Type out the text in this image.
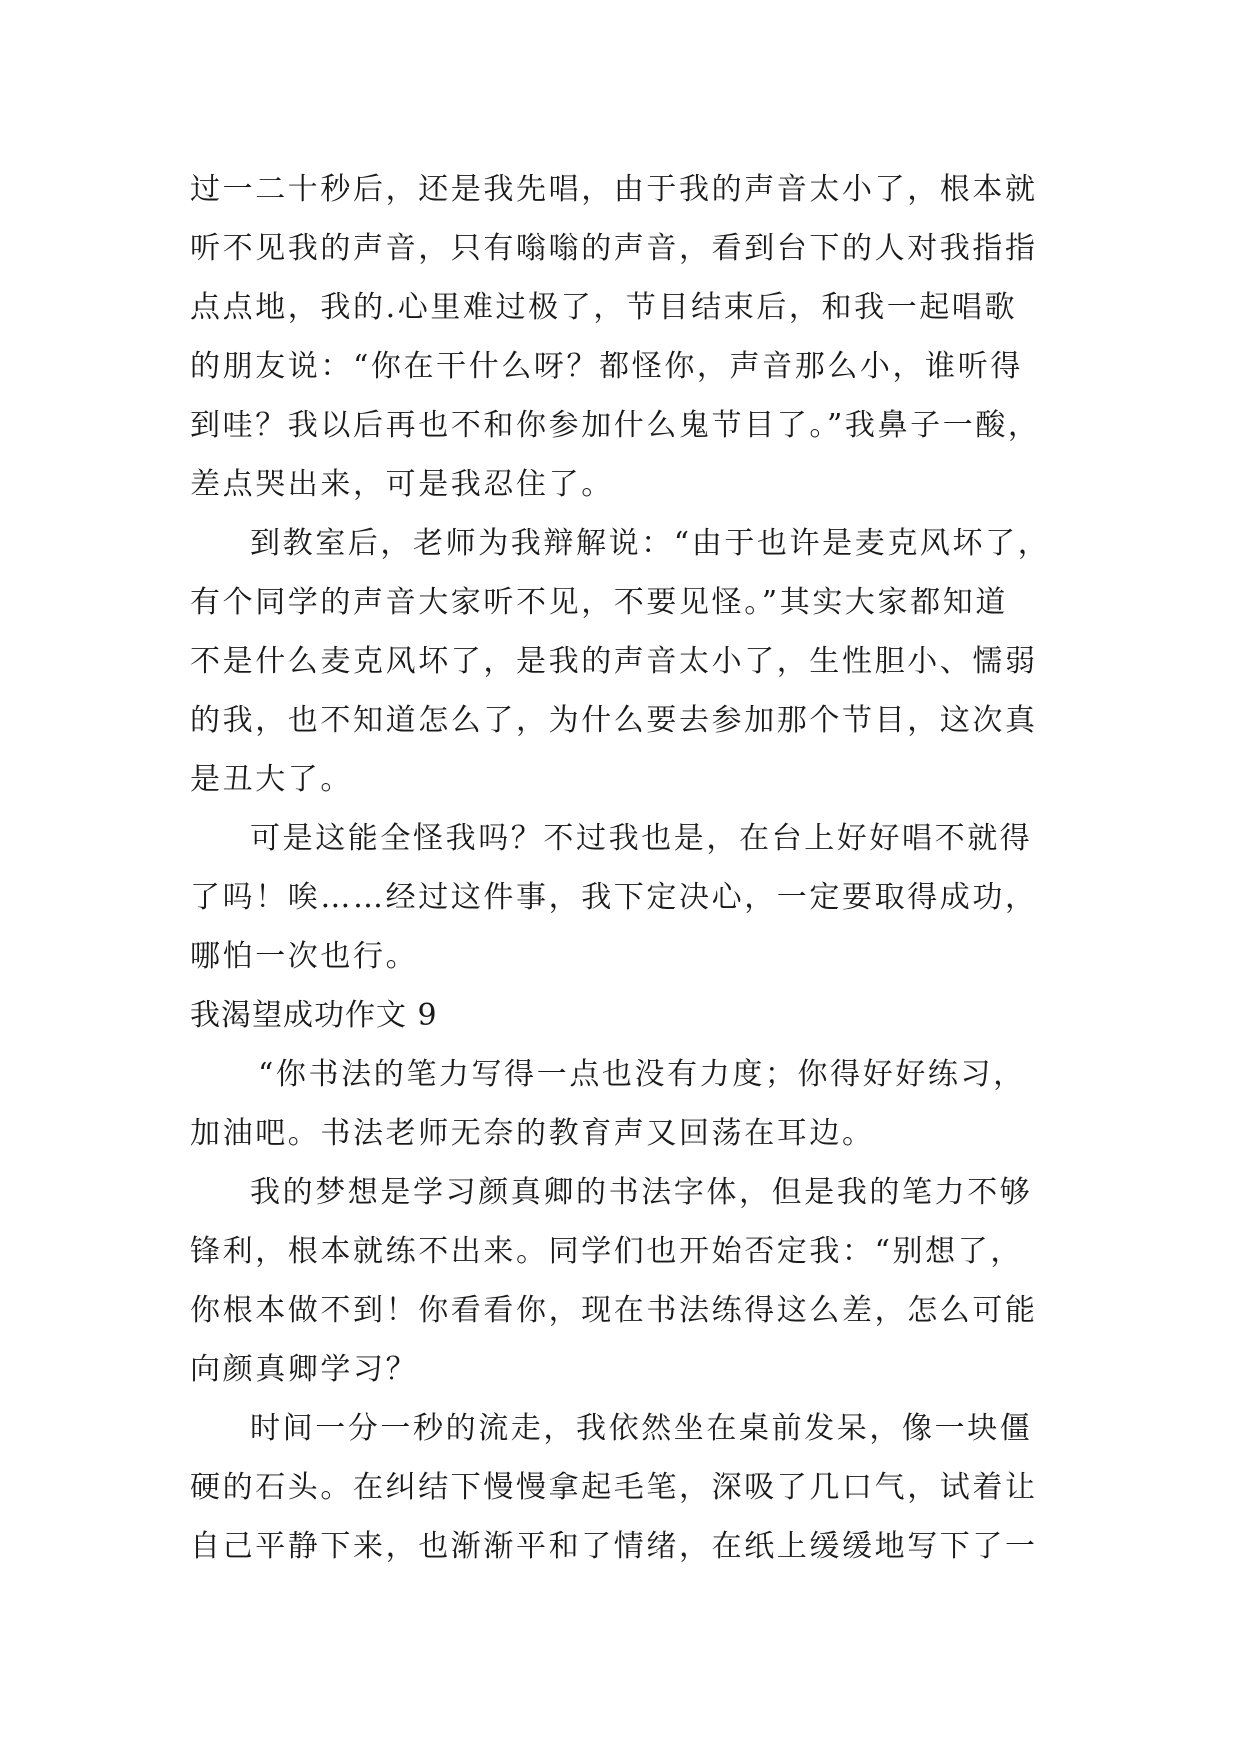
过一二十秒后，还是我先唱，由于我的声音太小了，根本就
听不见我的声音，只有嗡嗡的声音，看到台下的人对我指指
点点地，我的.心里难过极了，节目结束后，和我一起唱歌
的朋友说：“你在干什么呀？都怪你，声音那么小，谁听得
到哇？我以后再也不和你参加什么鬼节目了。”我鼻子一酸，
差点哭出来，可是我忍住了。
到教室后，老师为我辩解说：“由于也许是麦克风坏了，
有个同学的声音大家听不见，不要见怪。”其实大家都知道
不是什么麦克风坏了，是我的声音太小了，生性胆小、懦弱
的我，也不知道怎么了，为什么要去参加那个节目，这次真
是丑大了。
可是这能全怪我吗？不过我也是，在台上好好唱不就得
了吗！唉……经过这件事，我下定决心，一定要取得成功，
哪怕一次也行。
我渴望成功作文 9
“你书法的笔力写得一点也没有力度；你得好好练习，
加油吧。书法老师无奈的教育声又回荡在耳边。
我的梦想是学习颜真卿的书法字体，但是我的笔力不够
锋利，根本就练不出来。同学们也开始否定我：“别想了，
你根本做不到！你看看你，现在书法练得这么差，怎么可能
向颜真卿学习？
时间一分一秒的流走，我依然坐在桌前发呆，像一块僵
硬的石头。在纠结下慢慢拿起毛笔，深吸了几口气，试着让
自己平静下来，也渐渐平和了情绪，在纸上缓缓地写下了一
